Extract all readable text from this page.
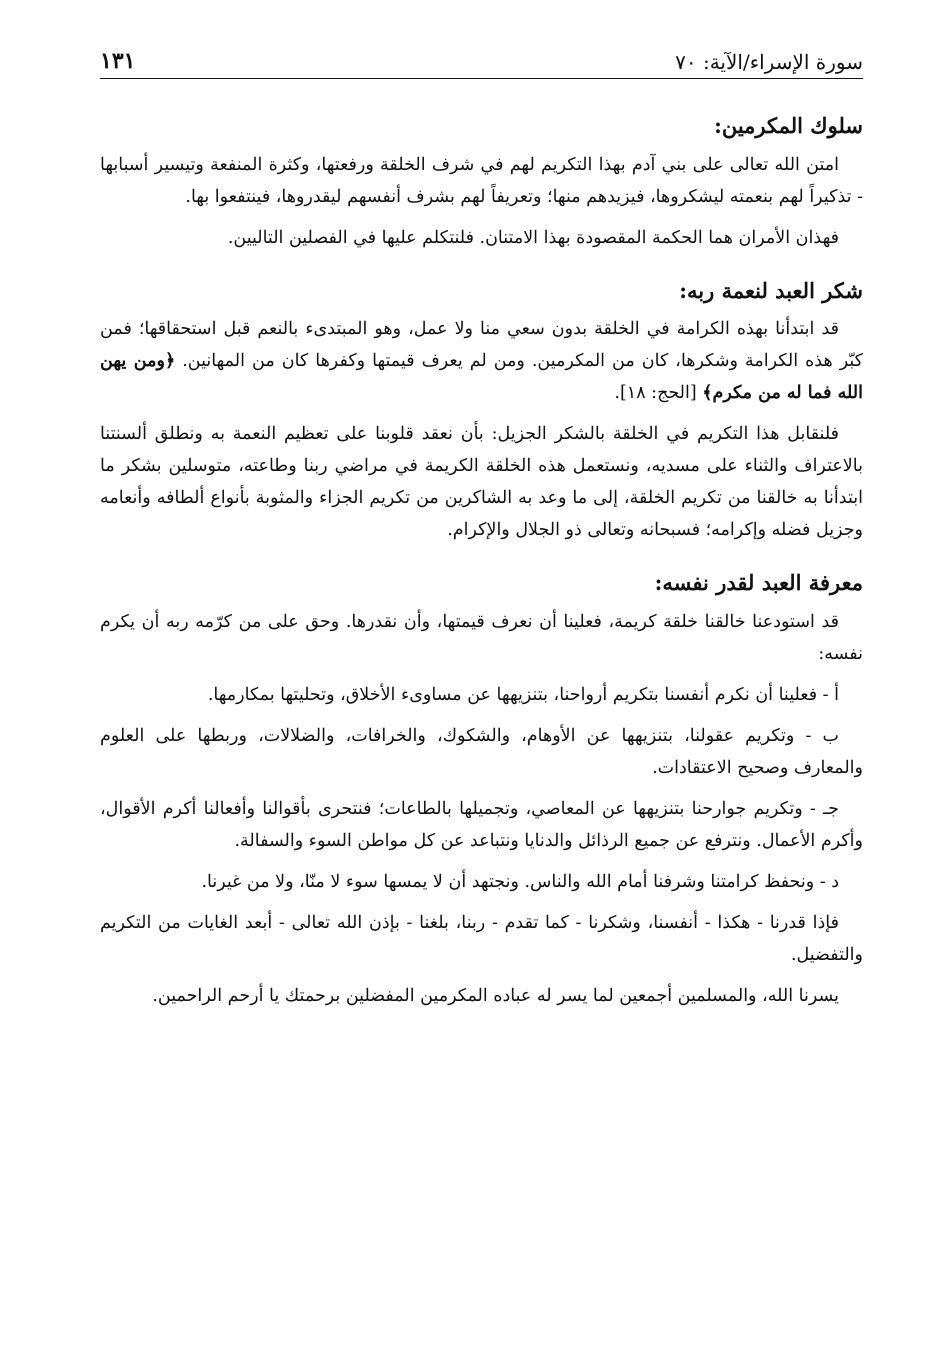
سورة الإسراء/الآية: ٧٠
١٣١
سلوك المكرمين:

امتن الله تعالى على بني آدم بهذا التكريم لهم في شرف الخلقة ورفعتها، وكثرة المنفعة وتيسير أسبابها - تذكيراً لهم بنعمته ليشكروها، فيزيدهم منها؛ وتعريفاً لهم بشرف أنفسهم ليقدروها، فينتفعوا بها.

فهذان الأمران هما الحكمة المقصودة بهذا الامتنان. فلنتكلم عليها في الفصلين التاليين.

شكر العبد لنعمة ربه:

قد ابتدأنا بهذه الكرامة في الخلقة بدون سعي منا ولا عمل، وهو المبتدىء بالنعم قبل استحقاقها؛ فمن كبّر هذه الكرامة وشكرها، كان من المكرمين. ومن لم يعرف قيمتها وكفرها كان من المهانين. ﴿ومن يهن الله فما له من مكرم﴾ [الحج: ١٨].

فلنقابل هذا التكريم في الخلقة بالشكر الجزيل: بأن نعقد قلوبنا على تعظيم النعمة به ونطلق ألسنتنا بالاعتراف والثناء على مسديه، ونستعمل هذه الخلقة الكريمة في مراضي ربنا وطاعته، متوسلين بشكر ما ابتدأنا به خالقنا من تكريم الخلقة، إلى ما وعد به الشاكرين من تكريم الجزاء والمثوبة بأنواع ألطافه وأنعامه وجزيل فضله وإكرامه؛ فسبحانه وتعالى ذو الجلال والإكرام.

معرفة العبد لقدر نفسه:

قد استودعنا خالقنا خلقة كريمة، فعلينا أن نعرف قيمتها، وأن نقدرها. وحق على من كرّمه ربه أن يكرم نفسه:

أ - فعلينا أن نكرم أنفسنا بتكريم أرواحنا، بتنزيهها عن مساوىء الأخلاق، وتحليتها بمكارمها.

ب - وتكريم عقولنا، بتنزيهها عن الأوهام، والشكوك، والخرافات، والضلالات، وربطها على العلوم والمعارف وصحيح الاعتقادات.

جـ - وتكريم جوارحنا بتنزيهها عن المعاصي، وتجميلها بالطاعات؛ فنتحرى بأقوالنا وأفعالنا أكرم الأقوال، وأكرم الأعمال. ونترفع عن جميع الرذائل والدنايا ونتباعد عن كل مواطن السوء والسفالة.

د - ونحفظ كرامتنا وشرفنا أمام الله والناس. ونجتهد أن لا يمسها سوء لا منّا، ولا من غيرنا.

فإذا قدرنا - هكذا - أنفسنا، وشكرنا - كما تقدم - ربنا، بلغنا - بإذن الله تعالى - أبعد الغايات من التكريم والتفضيل.

يسرنا الله، والمسلمين أجمعين لما يسر له عباده المكرمين المفضلين برحمتك يا أرحم الراحمين.
